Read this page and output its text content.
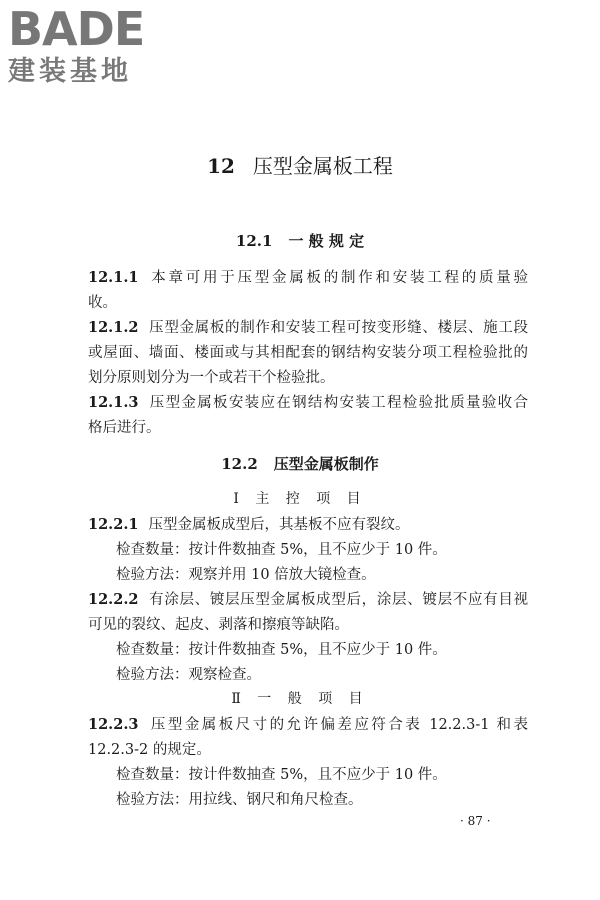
BADE
建装基地
12 压型金属板工程
12.1 一 般 规 定
12.1.1 本章可用于压型金属板的制作和安装工程的质量验
收。
12.1.2 压型金属板的制作和安装工程可按变形缝、楼层、施工段
或屋面、墙面、楼面或与其相配套的钢结构安装分项工程检验批的
划分原则划分为一个或若干个检验批。
12.1.3 压型金属板安装应在钢结构安装工程检验批质量验收合
格后进行。
12.2 压型金属板制作
Ⅰ 主 控 项 目
12.2.1 压型金属板成型后，其基板不应有裂纹。
检查数量：按计件数抽查 5%，且不应少于 10 件。
检验方法：观察并用 10 倍放大镜检查。
12.2.2 有涂层、镀层压型金属板成型后，涂层、镀层不应有目视
可见的裂纹、起皮、剥落和擦痕等缺陷。
检查数量：按计件数抽查 5%，且不应少于 10 件。
检验方法：观察检查。
Ⅱ 一 般 项 目
12.2.3 压型金属板尺寸的允许偏差应符合表 12.2.3-1 和表
12.2.3-2 的规定。
检查数量：按计件数抽查 5%，且不应少于 10 件。
检验方法：用拉线、钢尺和角尺检查。
· 87 ·
